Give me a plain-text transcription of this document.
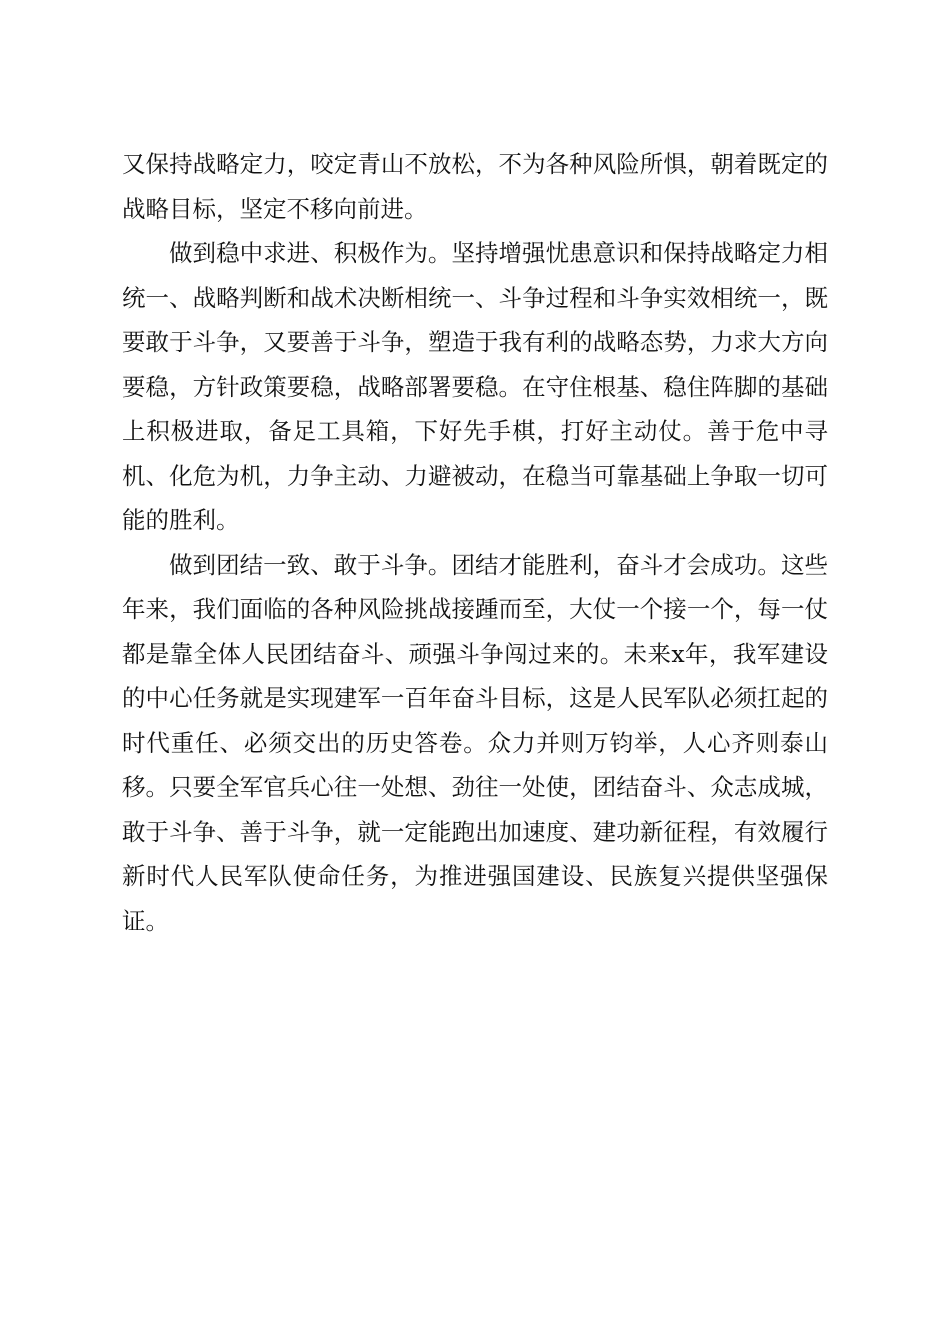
又保持战略定力，咬定青山不放松，不为各种风险所惧，朝着既定的战略目标，坚定不移向前进。

做到稳中求进、积极作为。坚持增强忧患意识和保持战略定力相统一、战略判断和战术决断相统一、斗争过程和斗争实效相统一，既要敢于斗争，又要善于斗争，塑造于我有利的战略态势，力求大方向要稳，方针政策要稳，战略部署要稳。在守住根基、稳住阵脚的基础上积极进取，备足工具箱，下好先手棋，打好主动仗。善于危中寻机、化危为机，力争主动、力避被动，在稳当可靠基础上争取一切可能的胜利。

做到团结一致、敢于斗争。团结才能胜利，奋斗才会成功。这些年来，我们面临的各种风险挑战接踵而至，大仗一个接一个，每一仗都是靠全体人民团结奋斗、顽强斗争闯过来的。未来x年，我军建设的中心任务就是实现建军一百年奋斗目标，这是人民军队必须扛起的时代重任、必须交出的历史答卷。众力并则万钧举，人心齐则泰山移。只要全军官兵心往一处想、劲往一处使，团结奋斗、众志成城，敢于斗争、善于斗争，就一定能跑出加速度、建功新征程，有效履行新时代人民军队使命任务，为推进强国建设、民族复兴提供坚强保证。
